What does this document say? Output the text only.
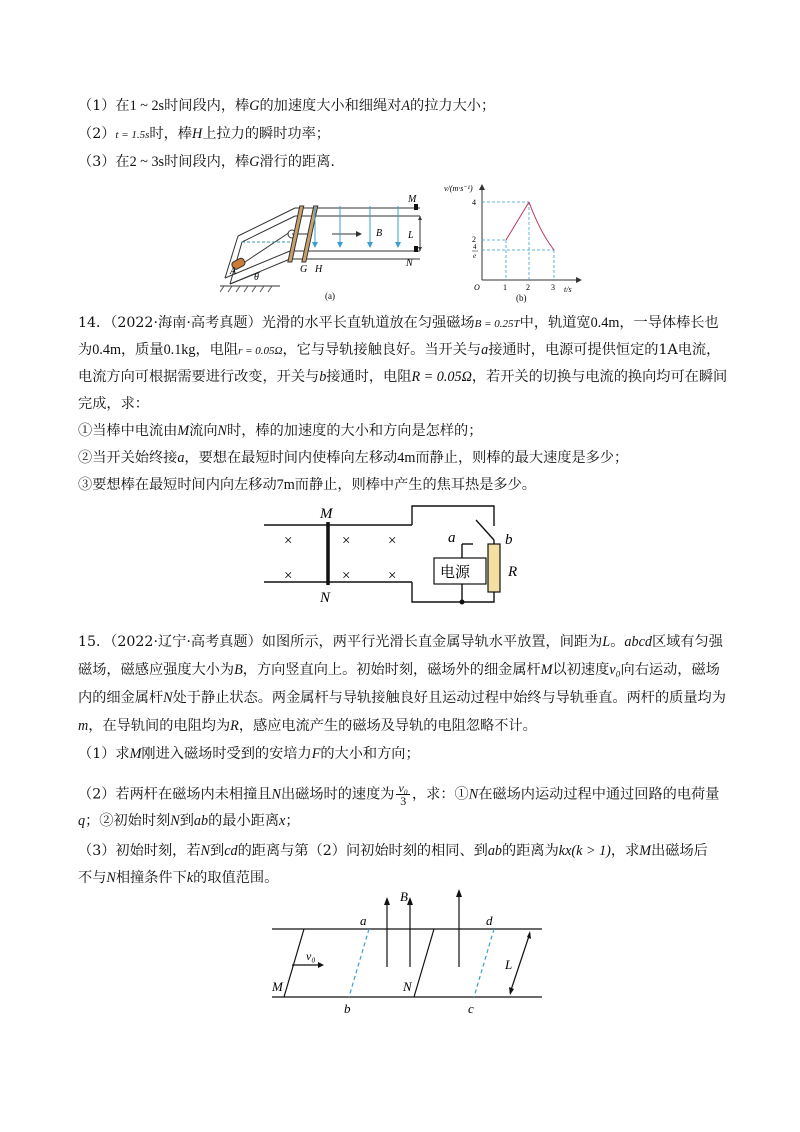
（1）在1 ~ 2s时间段内，棒G的加速度大小和细绳对A的拉力大小；
（2）t = 1.5s时，棒H上拉力的瞬时功率；
（3）在2 ~ 3s时间段内，棒G滑行的距离.
A
θ
G H
B
M
N
L
(a)
v/(m·s⁻¹)
t/s
O
4
2
4
e
1 2	3
(b)
14．（2022·海南·高考真题）光滑的水平长直轨道放在匀强磁场B = 0.25T中，轨道宽0.4m，一导体棒长也
为0.4m，质量0.1kg，电阻r = 0.05Ω，它与导轨接触良好。当开关与a接通时，电源可提供恒定的1A电流，
电流方向可根据需要进行改变，开关与b接通时，电阻R = 0.05Ω，若开关的切换与电流的换向均可在瞬间
完成，求：
①当棒中电流由M流向N时，棒的加速度的大小和方向是怎样的；
②当开关始终接a，要想在最短时间内使棒向左移动4m而静止，则棒的最大速度是多少；
③要想棒在最短时间内向左移动7m而静止，则棒中产生的焦耳热是多少。
M
N
×	×	×
×	×	×	电源
a	b
R
15．（2022·辽宁·高考真题）如图所示，两平行光滑长直金属导轨水平放置，间距为L。abcd区域有匀强
磁场，磁感应强度大小为B，方向竖直向上。初始时刻，磁场外的细金属杆M以初速度v₀向右运动，磁场
内的细金属杆N处于静止状态。两金属杆与导轨接触良好且运动过程中始终与导轨垂直。两杆的质量均为
m，在导轨间的电阻均为R，感应电流产生的磁场及导轨的电阻忽略不计。
（1）求M刚进入磁场时受到的安培力F的大小和方向；
（2）若两杆在磁场内未相撞且N出磁场时的速度为 $\frac{\text{v₀}}{3}$ ，求：①N在磁场内运动过程中通过回路的电荷量
q；②初始时刻N到ab的最小距离x；
（3）初始时刻，若N到cd的距离与第（2）问初始时刻的相同、到ab的距离为kx(k > 1)，求M出磁场后
不与N相撞条件下k的取值范围。
a
B
d
v₀
L
M	N
b	c
